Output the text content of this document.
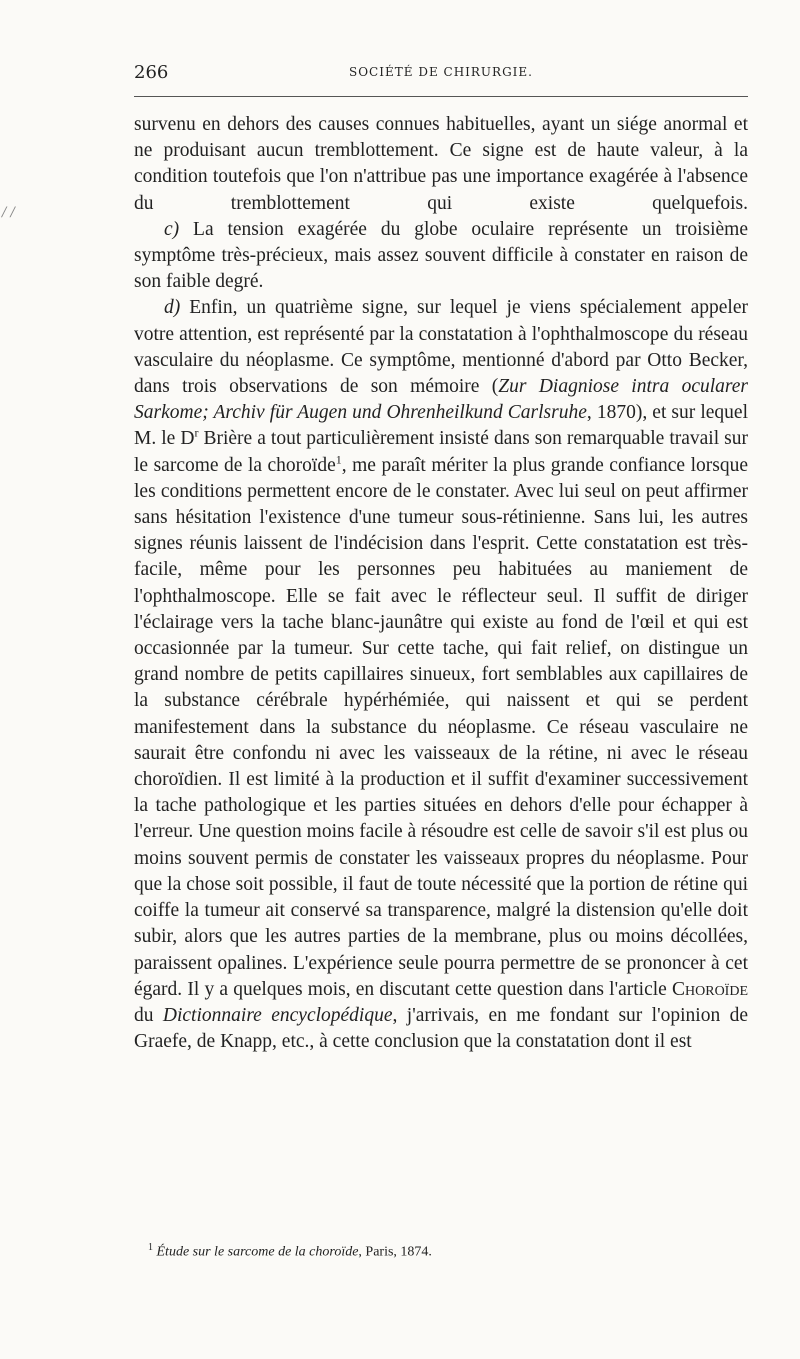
266	SOCIÉTÉ DE CHIRURGIE.
/ /

survenu en dehors des causes connues habituelles, ayant un siége anormal et ne produisant aucun tremblottement. Ce signe est de haute valeur, à la condition toutefois que l'on n'attribue pas une importance exagérée à l'absence du tremblottement qui existe quelquefois.

c) La tension exagérée du globe oculaire représente un troisième symptôme très-précieux, mais assez souvent difficile à constater en raison de son faible degré.

d) Enfin, un quatrième signe, sur lequel je viens spécialement appeler votre attention, est représenté par la constatation à l'ophthalmoscope du réseau vasculaire du néoplasme. Ce symptôme, mentionné d'abord par Otto Becker, dans trois observations de son mémoire (Zur Diagniose intra ocularer Sarkome; Archiv für Augen und Ohrenheilkund Carlsruhe, 1870), et sur lequel M. le $D^r$ Brière a tout particulièrement insisté dans son remarquable travail sur le sarcome de la choroïde$^1$, me paraît mériter la plus grande confiance lorsque les conditions permettent encore de le constater. Avec lui seul on peut affirmer sans hésitation l'existence d'une tumeur sous-rétinienne. Sans lui, les autres signes réunis laissent de l'indécision dans l'esprit. Cette constatation est très-facile, même pour les personnes peu habituées au maniement de l'ophthalmoscope. Elle se fait avec le réflecteur seul. Il suffit de diriger l'éclairage vers la tache blanc-jaunâtre qui existe au fond de l'œil et qui est occasionnée par la tumeur. Sur cette tache, qui fait relief, on distingue un grand nombre de petits capillaires sinueux, fort semblables aux capillaires de la substance cérébrale hypérhémiée, qui naissent et qui se perdent manifestement dans la substance du néoplasme. Ce réseau vasculaire ne saurait être confondu ni avec les vaisseaux de la rétine, ni avec le réseau choroïdien. Il est limité à la production et il suffit d'examiner successivement la tache pathologique et les parties situées en dehors d'elle pour échapper à l'erreur. Une question moins facile à résoudre est celle de savoir s'il est plus ou moins souvent permis de constater les vaisseaux propres du néoplasme. Pour que la chose soit possible, il faut de toute nécessité que la portion de rétine qui coiffe la tumeur ait conservé sa transparence, malgré la distension qu'elle doit subir, alors que les autres parties de la membrane, plus ou moins décollées, paraissent opalines. L'expérience seule pourra permettre de se prononcer à cet égard. Il y a quelques mois, en discutant cette question dans l'article Choroïde du Dictionnaire encyclopédique, j'arrivais, en me fondant sur l'opinion de Graefe, de Knapp, etc., à cette conclusion que la constatation dont il est

$^1$ Étude sur le sarcome de la choroïde, Paris, 1874.
